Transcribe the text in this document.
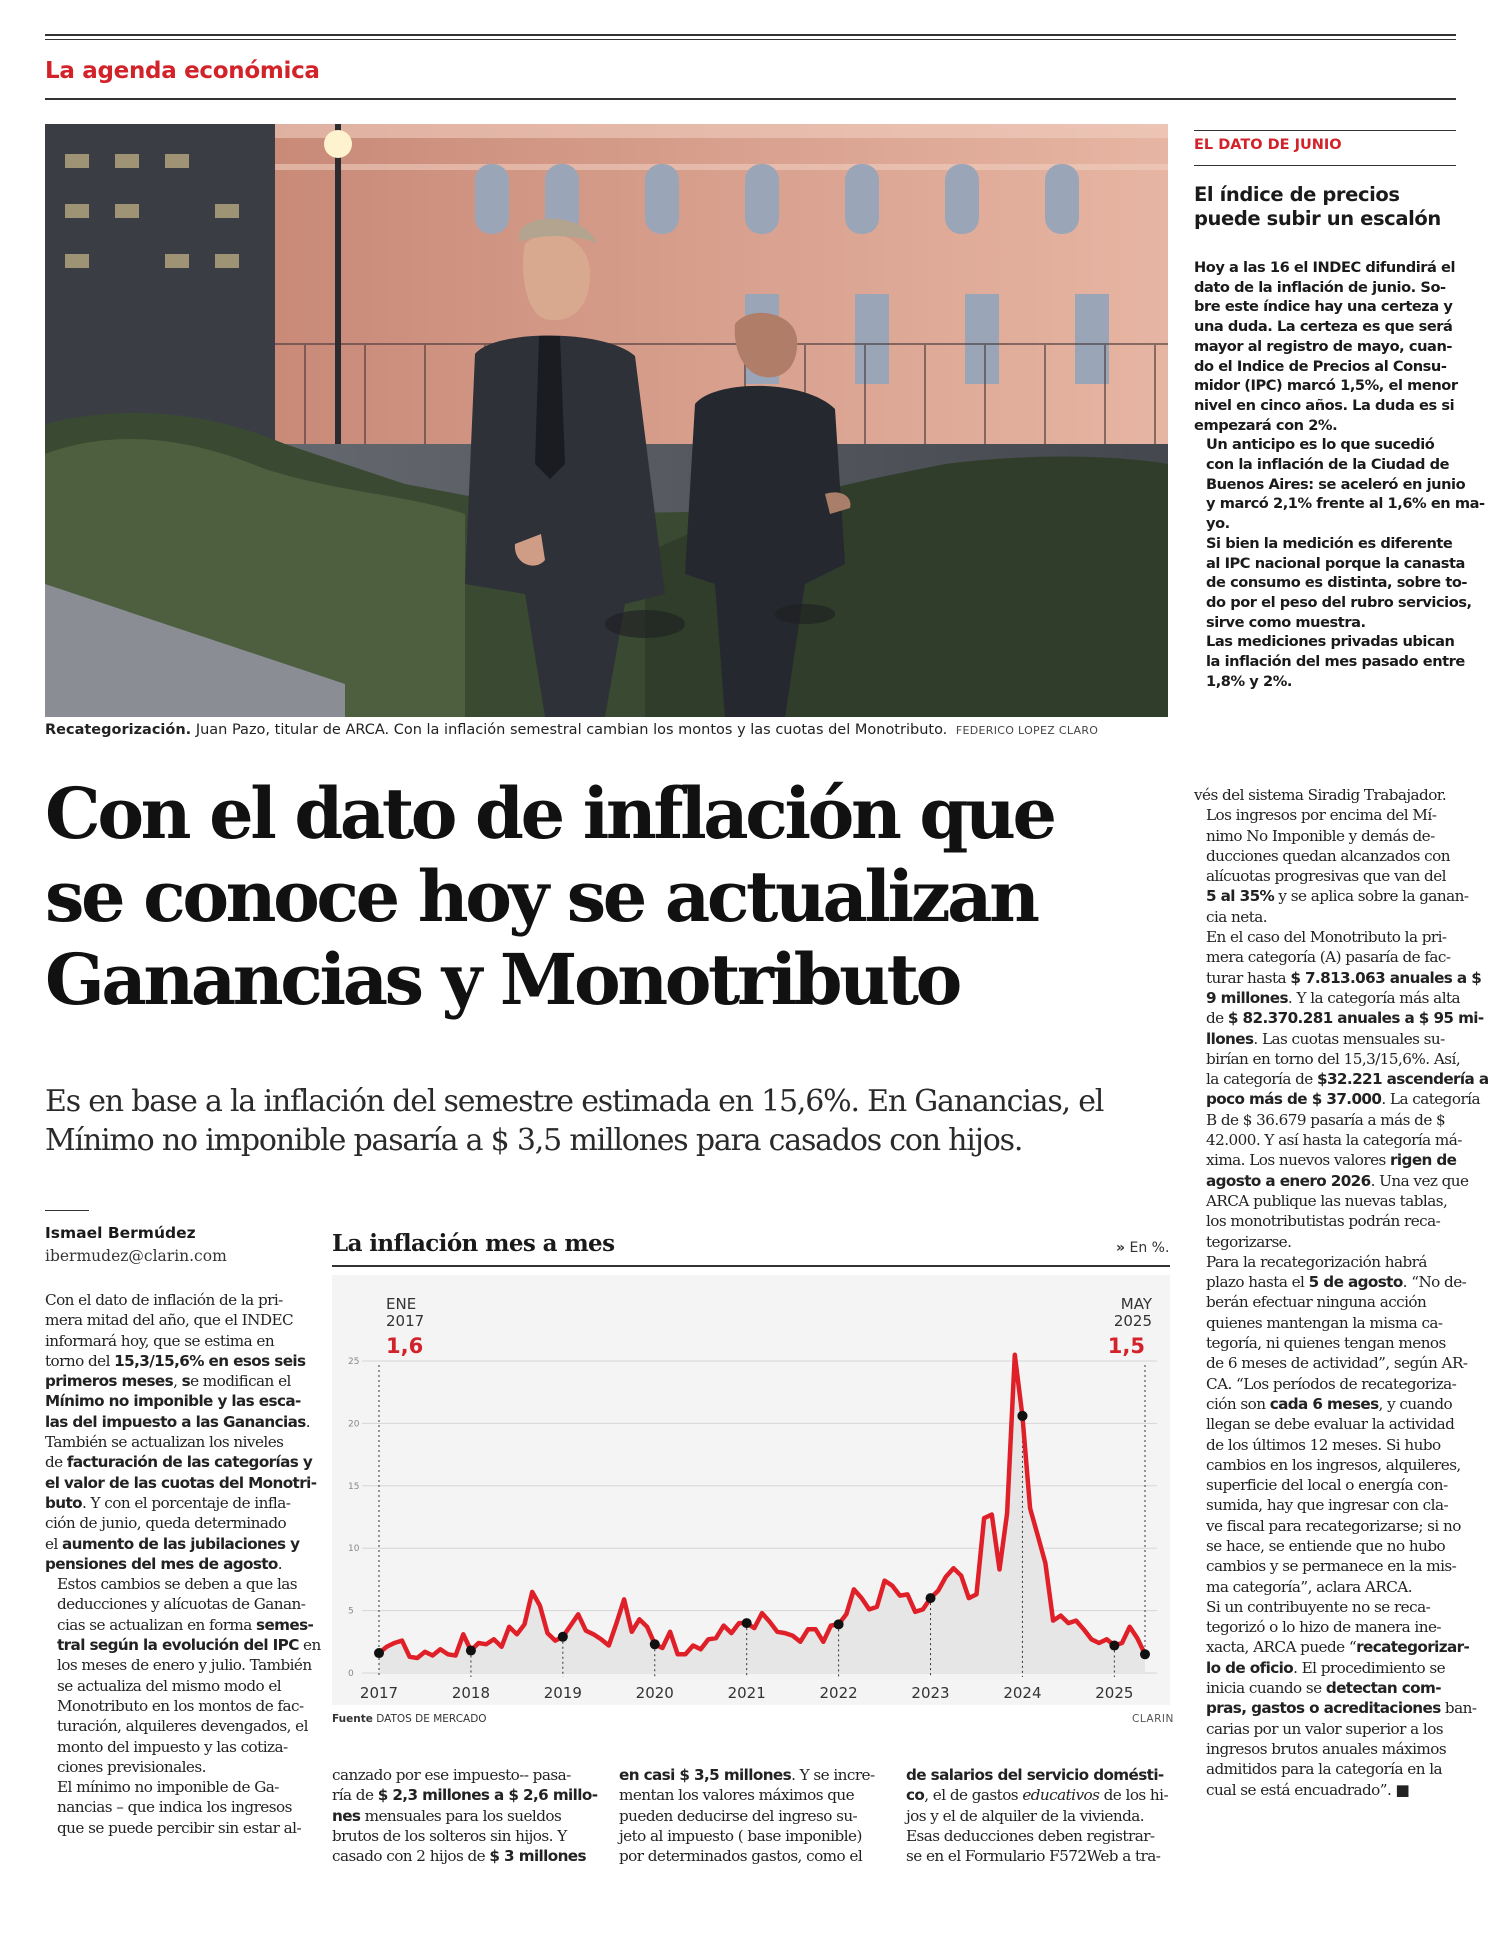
La agenda económica
Recategorización. Juan Pazo, titular de ARCA. Con la inflación semestral cambian los montos y las cuotas del Monotributo. FEDERICO LOPEZ CLARO
EL DATO DE JUNIO
El índice de precios
puede subir un escalón

Hoy a las 16 el INDEC difundirá el
dato de la inflación de junio. So-
bre este índice hay una certeza y
una duda. La certeza es que será
mayor al registro de mayo, cuan-
do el Indice de Precios al Consu-
midor (IPC) marcó 1,5%, el menor
nivel en cinco años. La duda es si
empezará con 2%.

Un anticipo es lo que sucedió
con la inflación de la Ciudad de
Buenos Aires: se aceleró en junio
y marcó 2,1% frente al 1,6% en ma-
yo.

Si bien la medición es diferente
al IPC nacional porque la canasta
de consumo es distinta, sobre to-
do por el peso del rubro servicios,
sirve como muestra.

Las mediciones privadas ubican
la inflación del mes pasado entre
1,8% y 2%.

Con el dato de inflación que
se conoce hoy se actualizan
Ganancias y Monotributo
Es en base a la inflación del semestre estimada en 15,6%. En Ganancias, el
Mínimo no imponible pasaría a $ 3,5 millones para casados con hijos.
Ismael Bermúdez
ibermudez@clarin.com

Con el dato de inflación de la pri-
mera mitad del año, que el INDEC
informará hoy, que se estima en
torno del 15,3/15,6% en esos seis
primeros meses, se modifican el
Mínimo no imponible y las esca-
las del impuesto a las Ganancias.
También se actualizan los niveles
de facturación de las categorías y
el valor de las cuotas del Monotri-
buto. Y con el porcentaje de infla-
ción de junio, queda determinado
el aumento de las jubilaciones y
pensiones del mes de agosto.

Estos cambios se deben a que las
deducciones y alícuotas de Ganan-
cias se actualizan en forma semes-
tral según la evolución del IPC en
los meses de enero y julio. También
se actualiza del mismo modo el
Monotributo en los montos de fac-
turación, alquileres devengados, el
monto del impuesto y las cotiza-
ciones previsionales.

El mínimo no imponible de Ga-
nancias – que indica los ingresos
que se puede percibir sin estar al-

canzado por ese impuesto-- pasa-
ría de $ 2,3 millones a $ 2,6 millo-
nes mensuales para los sueldos
brutos de los solteros sin hijos. Y
casado con 2 hijos de $ 3 millones

en casi $ 3,5 millones. Y se incre-
mentan los valores máximos que
pueden deducirse del ingreso su-
jeto al impuesto ( base imponible)
por determinados gastos, como el

de salarios del servicio domésti-
co, el de gastos educativos de los hi-
jos y el de alquiler de la vivienda.
Esas deducciones deben registrar-
se en el Formulario F572Web a tra-

vés del sistema Siradig Trabajador.

Los ingresos por encima del Mí-
nimo No Imponible y demás de-
ducciones quedan alcanzados con
alícuotas progresivas que van del
5 al 35% y se aplica sobre la ganan-
cia neta.

En el caso del Monotributo la pri-
mera categoría (A) pasaría de fac-
turar hasta $ 7.813.063 anuales a $
9 millones. Y la categoría más alta
de $ 82.370.281 anuales a $ 95 mi-
llones. Las cuotas mensuales su-
birían en torno del 15,3/15,6%. Así,
la categoría de $32.221 ascendería a
poco más de $ 37.000. La categoría
B de $ 36.679 pasaría a más de $
42.000. Y así hasta la categoría má-
xima. Los nuevos valores rigen de
agosto a enero 2026. Una vez que
ARCA publique las nuevas tablas,
los monotributistas podrán reca-
tegorizarse.

Para la recategorización habrá
plazo hasta el 5 de agosto. “No de-
berán efectuar ninguna acción
quienes mantengan la misma ca-
tegoría, ni quienes tengan menos
de 6 meses de actividad”, según AR-
CA. “Los períodos de recategoriza-
ción son cada 6 meses, y cuando
llegan se debe evaluar la actividad
de los últimos 12 meses. Si hubo
cambios en los ingresos, alquileres,
superficie del local o energía con-
sumida, hay que ingresar con cla-
ve fiscal para recategorizarse; si no
se hace, se entiende que no hubo
cambios y se permanece en la mis-
ma categoría”, aclara ARCA.

Si un contribuyente no se reca-
tegorizó o lo hizo de manera ine-
xacta, ARCA puede “recategorizar-
lo de oficio. El procedimiento se
inicia cuando se detectan com-
pras, gastos o acreditaciones ban-
carias por un valor superior a los
ingresos brutos anuales máximos
admitidos para la categoría en la
cual se está encuadrado”. ■

La inflación mes a mes	» En %.
0
5
10
15
20
25
2017	2018	2019	2020	2021	2022	2023	2024	2025
ENE
2017
1,6
MAY
2025
1,5
Fuente DATOS DE MERCADO	CLARIN
